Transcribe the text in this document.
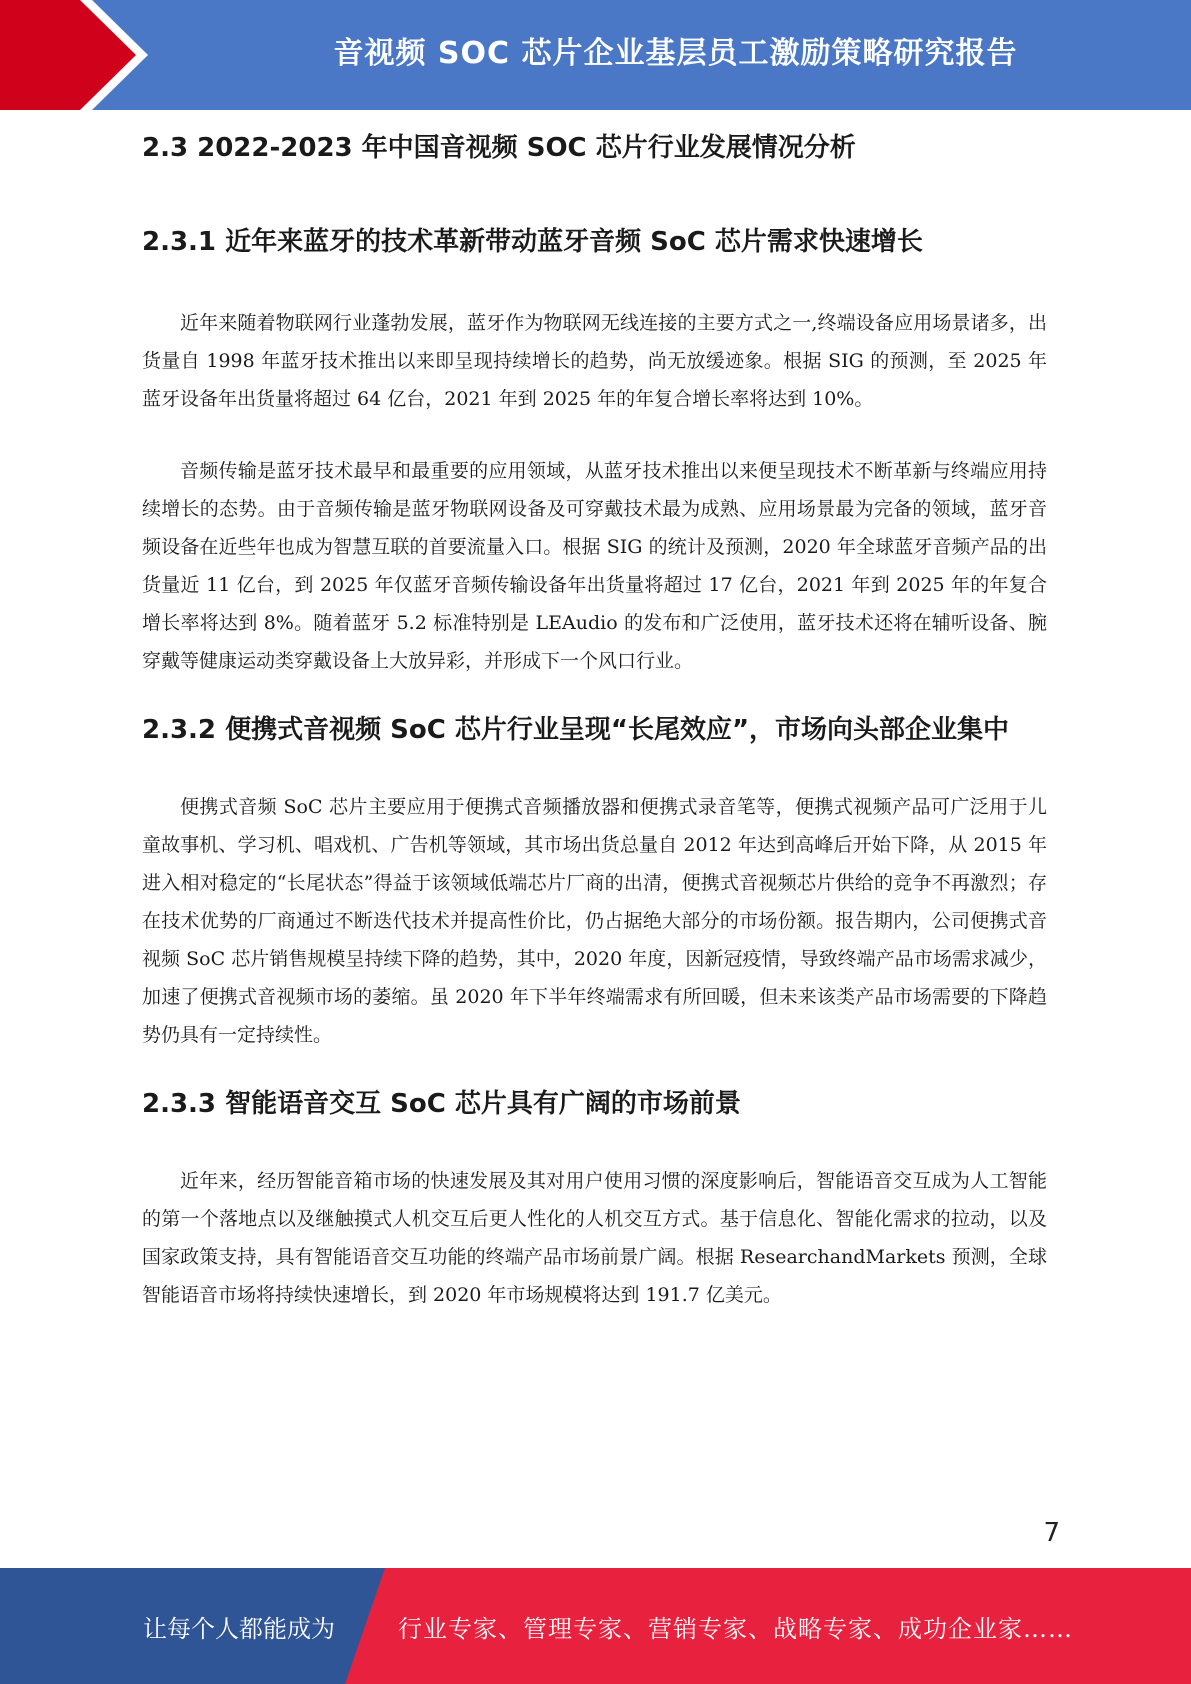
音视频 SOC 芯片企业基层员工激励策略研究报告
2.3 2022-2023 年中国音视频 SOC 芯片行业发展情况分析
2.3.1 近年来蓝牙的技术革新带动蓝牙音频 SoC 芯片需求快速增长

近年来随着物联网行业蓬勃发展，蓝牙作为物联网无线连接的主要方式之一,终端设备应用场景诸多，出货量自 1998 年蓝牙技术推出以来即呈现持续增长的趋势，尚无放缓迹象。根据 SIG 的预测，至 2025 年蓝牙设备年出货量将超过 64 亿台，2021 年到 2025 年的年复合增长率将达到 10%。

音频传输是蓝牙技术最早和最重要的应用领域，从蓝牙技术推出以来便呈现技术不断革新与终端应用持续增长的态势。由于音频传输是蓝牙物联网设备及可穿戴技术最为成熟、应用场景最为完备的领域，蓝牙音频设备在近些年也成为智慧互联的首要流量入口。根据 SIG 的统计及预测，2020 年全球蓝牙音频产品的出货量近 11 亿台，到 2025 年仅蓝牙音频传输设备年出货量将超过 17 亿台，2021 年到 2025 年的年复合增长率将达到 8%。随着蓝牙 5.2 标准特别是 LEAudio 的发布和广泛使用，蓝牙技术还将在辅听设备、腕穿戴等健康运动类穿戴设备上大放异彩，并形成下一个风口行业。

2.3.2 便携式音视频 SoC 芯片行业呈现“长尾效应”，市场向头部企业集中

便携式音频 SoC 芯片主要应用于便携式音频播放器和便携式录音笔等，便携式视频产品可广泛用于儿童故事机、学习机、唱戏机、广告机等领域，其市场出货总量自 2012 年达到高峰后开始下降，从 2015 年进入相对稳定的“长尾状态”得益于该领域低端芯片厂商的出清，便携式音视频芯片供给的竞争不再激烈；存在技术优势的厂商通过不断迭代技术并提高性价比，仍占据绝大部分的市场份额。报告期内，公司便携式音视频 SoC 芯片销售规模呈持续下降的趋势，其中，2020 年度，因新冠疫情，导致终端产品市场需求减少，加速了便携式音视频市场的萎缩。虽 2020 年下半年终端需求有所回暖，但未来该类产品市场需要的下降趋势仍具有一定持续性。

2.3.3 智能语音交互 SoC 芯片具有广阔的市场前景

近年来，经历智能音箱市场的快速发展及其对用户使用习惯的深度影响后，智能语音交互成为人工智能的第一个落地点以及继触摸式人机交互后更人性化的人机交互方式。基于信息化、智能化需求的拉动，以及国家政策支持，具有智能语音交互功能的终端产品市场前景广阔。根据 ResearchandMarkets 预测，全球智能语音市场将持续快速增长，到 2020 年市场规模将达到 191.7 亿美元。

7
让每个人都能成为	行业专家、管理专家、营销专家、战略专家、成功企业家……
